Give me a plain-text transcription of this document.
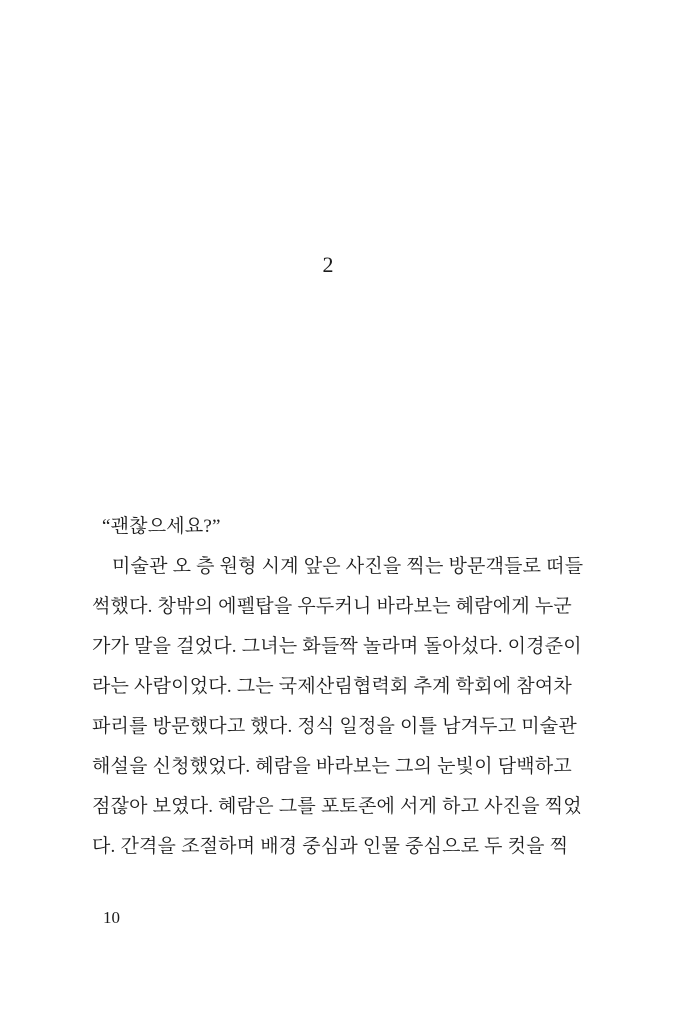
2
“괜찮으세요?”
미술관 오 층 원형 시계 앞은 사진을 찍는 방문객들로 떠들
썩했다. 창밖의 에펠탑을 우두커니 바라보는 혜람에게 누군
가가 말을 걸었다. 그녀는 화들짝 놀라며 돌아섰다. 이경준이
라는 사람이었다. 그는 국제산림협력회 추계 학회에 참여차
파리를 방문했다고 했다. 정식 일정을 이틀 남겨두고 미술관
해설을 신청했었다. 혜람을 바라보는 그의 눈빛이 담백하고
점잖아 보였다. 혜람은 그를 포토존에 서게 하고 사진을 찍었
다. 간격을 조절하며 배경 중심과 인물 중심으로 두 컷을 찍
10
